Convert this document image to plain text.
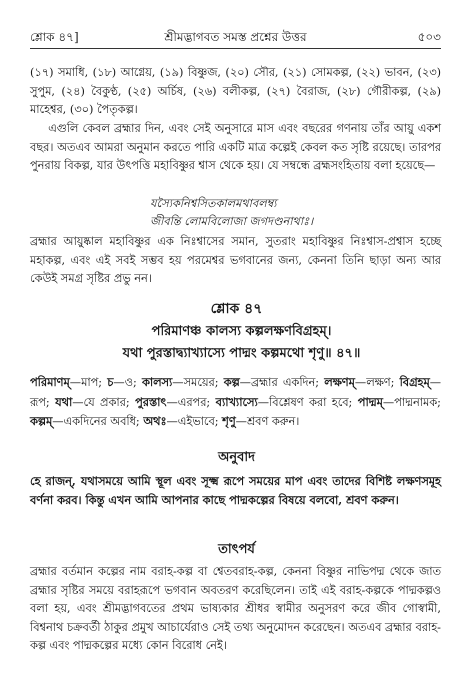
শ্লোক ৪৭]	শ্রীমদ্ভাগবত সমস্ত প্রশ্নের উত্তর	৫০৩
(১৭) সমাধি, (১৮) আগ্নেয়, (১৯) বিষ্ণুজ, (২০) সৌর, (২১) সোমকল্প, (২২) ভাবন, (২৩) সুপুম, (২৪) বৈকুণ্ঠ, (২৫) অর্চিষ, (২৬) বলীকল্প, (২৭) বৈরাজ, (২৮) গৌরীকল্প, (২৯) মাহেশ্বর, (৩০) পৈতৃকল্প।
এগুলি কেবল ব্রহ্মার দিন, এবং সেই অনুসারে মাস এবং বছরের গণনায় তাঁর আয়ু একশ বছর। অতএব আমরা অনুমান করতে পারি একটি মাত্র কল্পেই কেবল কত সৃষ্টি রয়েছে। তারপর পুনরায় বিকল্প, যার উৎপত্তি মহাবিষ্ণুর শ্বাস থেকে হয়। যে সম্বন্ধে ব্রহ্মসংহিতায় বলা হয়েছে—
যস্যৈকনিশ্বসিতকালমথাবলম্ব্য
জীবন্তি লোমবিলোজা জগদণ্ডনাথাঃ।
ব্রহ্মার আয়ুষ্কাল মহাবিষ্ণুর এক নিঃশ্বাসের সমান, সুতরাং মহাবিষ্ণুর নিঃশ্বাস-প্রশ্বাস হচ্ছে মহাকল্প, এবং এই সবই সম্ভব হয় পরমেশ্বর ভগবানের জন্য, কেননা তিনি ছাড়া অন্য আর কেউই সমগ্র সৃষ্টির প্রভু নন।
শ্লোক ৪৭
পরিমাণঞ্চ কালস্য কল্পলক্ষণবিগ্রহম্।
যথা পুরস্তাদ্ব্যাখ্যাস্যে পাদ্মং কল্পমথো শৃণু॥ ৪৭॥
পরিমাণম্—মাপ; চ—ও; কালস্য—সময়ের; কল্প—ব্রহ্মার একদিন; লক্ষণম্—লক্ষণ; বিগ্রহম্—রূপ; যথা—যে প্রকার; পুরস্তাৎ—এরপর; ব্যাখ্যাস্যে—বিশ্লেষণ করা হবে; পাদ্মম্—পাদ্মনামক; কল্পম্—একদিনের অবধি; অথঃ—এইভাবে; শৃণু—শ্রবণ করুন।
অনুবাদ
হে রাজন্, যথাসময়ে আমি স্থূল এবং সূক্ষ্ম রূপে সময়ের মাপ এবং তাদের বিশিষ্ট লক্ষণসমূহ বর্ণনা করব। কিন্তু এখন আমি আপনার কাছে পাদ্মকল্পের বিষয়ে বলবো, শ্রবণ করুন।
তাৎপর্য
ব্রহ্মার বর্তমান কল্পের নাম বরাহ-কল্প বা শ্বেতবরাহ-কল্প, কেননা বিষ্ণুর নাভিপদ্ম থেকে জাত ব্রহ্মার সৃষ্টির সময়ে বরাহরূপে ভগবান অবতরণ করেছিলেন। তাই এই বরাহ-কল্পকে পাদ্মকল্পও বলা হয়, এবং শ্রীমদ্ভাগবতের প্রথম ভাষ্যকার শ্রীধর স্বামীর অনুসরণ করে জীব গোস্বামী, বিশ্বনাথ চক্রবর্তী ঠাকুর প্রমুখ আচার্যেরাও সেই তথ্য অনুমোদন করেছেন। অতএব ব্রহ্মার বরাহ-কল্প এবং পাদ্মকল্পের মধ্যে কোন বিরোধ নেই।
